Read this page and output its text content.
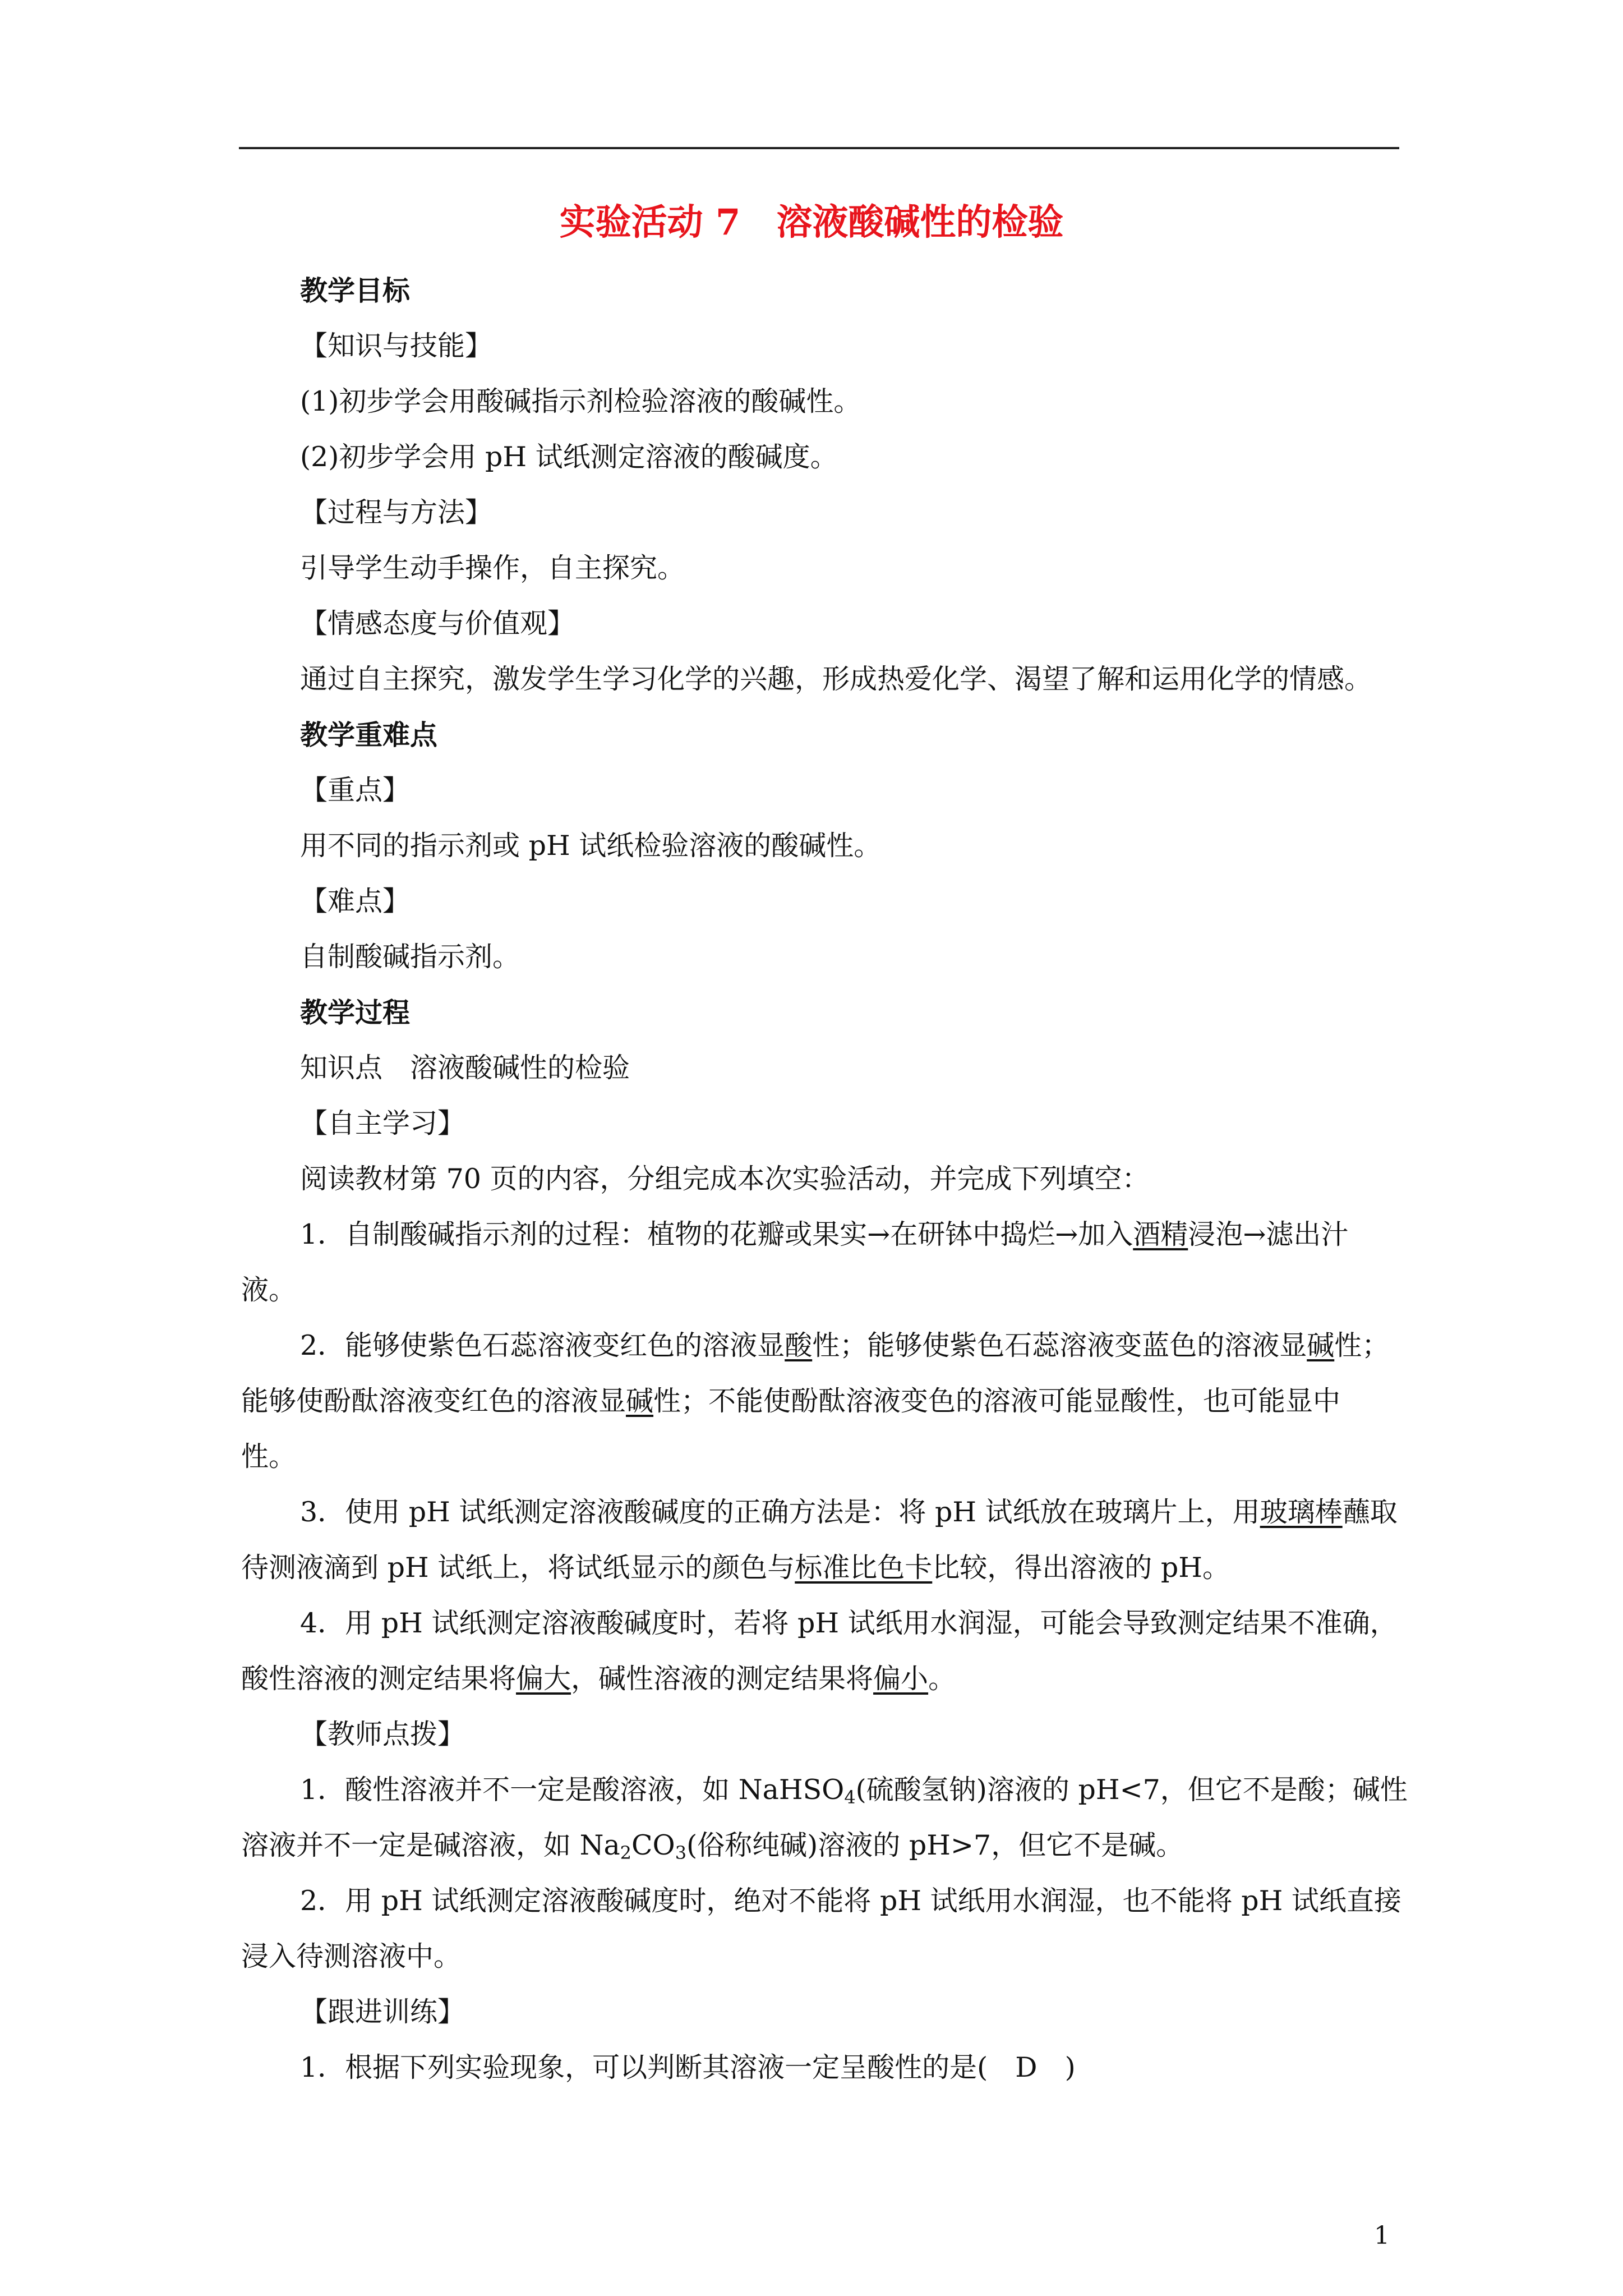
实验活动 7　溶液酸碱性的检验
教学目标
【知识与技能】
(1)初步学会用酸碱指示剂检验溶液的酸碱性。
(2)初步学会用 pH 试纸测定溶液的酸碱度。
【过程与方法】
引导学生动手操作，自主探究。
【情感态度与价值观】
通过自主探究，激发学生学习化学的兴趣，形成热爱化学、渴望了解和运用化学的情感。
教学重难点
【重点】
用不同的指示剂或 pH 试纸检验溶液的酸碱性。
【难点】
自制酸碱指示剂。
教学过程
知识点　溶液酸碱性的检验
【自主学习】
阅读教材第 70 页的内容，分组完成本次实验活动，并完成下列填空：
1．自制酸碱指示剂的过程：植物的花瓣或果实→在研钵中捣烂→加入酒精浸泡→滤出汁
液。
2．能够使紫色石蕊溶液变红色的溶液显酸性；能够使紫色石蕊溶液变蓝色的溶液显碱性；
能够使酚酞溶液变红色的溶液显碱性；不能使酚酞溶液变色的溶液可能显酸性，也可能显中
性。
3．使用 pH 试纸测定溶液酸碱度的正确方法是：将 pH 试纸放在玻璃片上，用玻璃棒蘸取
待测液滴到 pH 试纸上，将试纸显示的颜色与标准比色卡比较，得出溶液的 pH。
4．用 pH 试纸测定溶液酸碱度时，若将 pH 试纸用水润湿，可能会导致测定结果不准确，
酸性溶液的测定结果将偏大，碱性溶液的测定结果将偏小。
【教师点拨】
1．酸性溶液并不一定是酸溶液，如 NaHSO$_4$(硫酸氢钠)溶液的 pH<7，但它不是酸；碱性
溶液并不一定是碱溶液，如 $Na_2CO_3$(俗称纯碱)溶液的 pH>7，但它不是碱。
2．用 pH 试纸测定溶液酸碱度时，绝对不能将 pH 试纸用水润湿，也不能将 pH 试纸直接
浸入待测溶液中。
【跟进训练】
1．根据下列实验现象，可以判断其溶液一定呈酸性的是(　D　)
1
